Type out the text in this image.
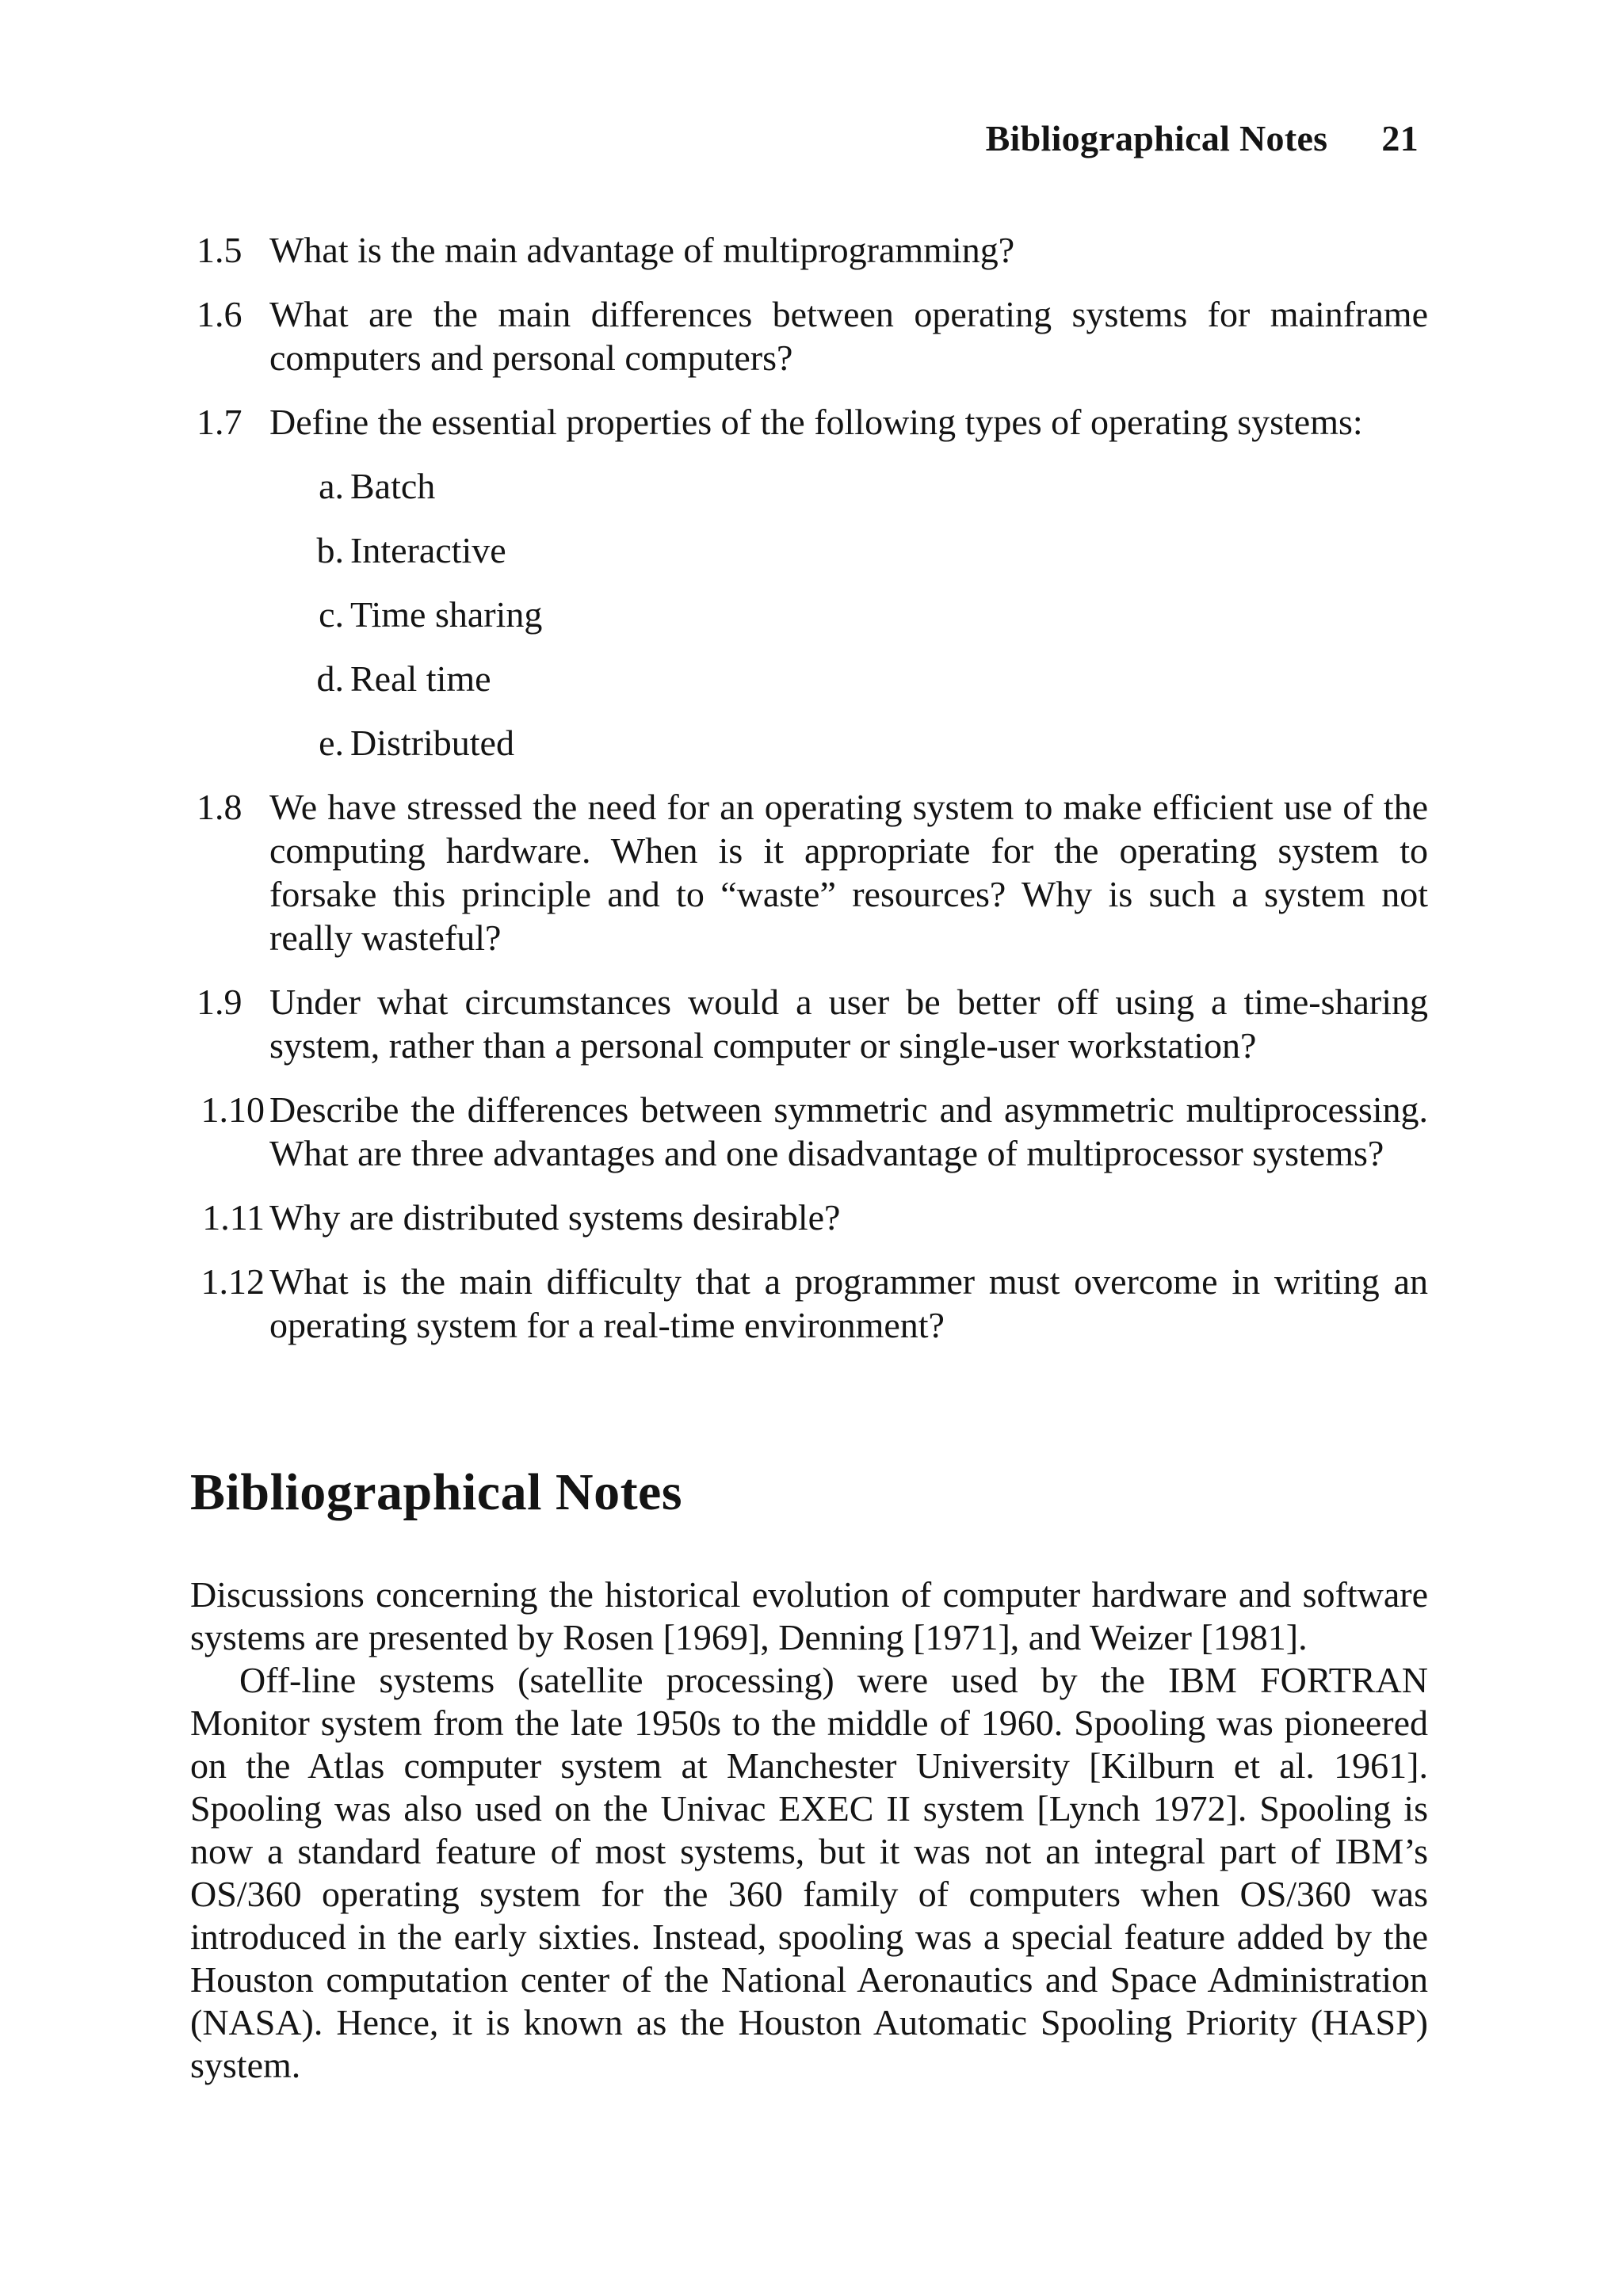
Bibliographical Notes 21
1.5 What is the main advantage of multiprogramming?
1.6 What are the main differences between operating systems for mainframe computers and personal computers?
1.7 Define the essential properties of the following types of operating systems:
a. Batch
b. Interactive
c. Time sharing
d. Real time
e. Distributed
1.8 We have stressed the need for an operating system to make efficient use of the computing hardware. When is it appropriate for the operating system to forsake this principle and to “waste” resources? Why is such a system not really wasteful?
1.9 Under what circumstances would a user be better off using a time-sharing system, rather than a personal computer or single-user workstation?
1.10 Describe the differences between symmetric and asymmetric multiprocessing. What are three advantages and one disadvantage of multiprocessor systems?
1.11 Why are distributed systems desirable?
1.12 What is the main difficulty that a programmer must overcome in writing an operating system for a real-time environment?
Bibliographical Notes

Discussions concerning the historical evolution of computer hardware and software systems are presented by Rosen [1969], Denning [1971], and Weizer [1981].

Off-line systems (satellite processing) were used by the IBM FORTRAN Monitor system from the late 1950s to the middle of 1960. Spooling was pioneered on the Atlas computer system at Manchester University [Kilburn et al. 1961]. Spooling was also used on the Univac EXEC II system [Lynch 1972]. Spooling is now a standard feature of most systems, but it was not an integral part of IBM’s OS/360 operating system for the 360 family of computers when OS/360 was introduced in the early sixties. Instead, spooling was a special feature added by the Houston computation center of the National Aeronautics and Space Administration (NASA). Hence, it is known as the Houston Automatic Spooling Priority (HASP) system.
